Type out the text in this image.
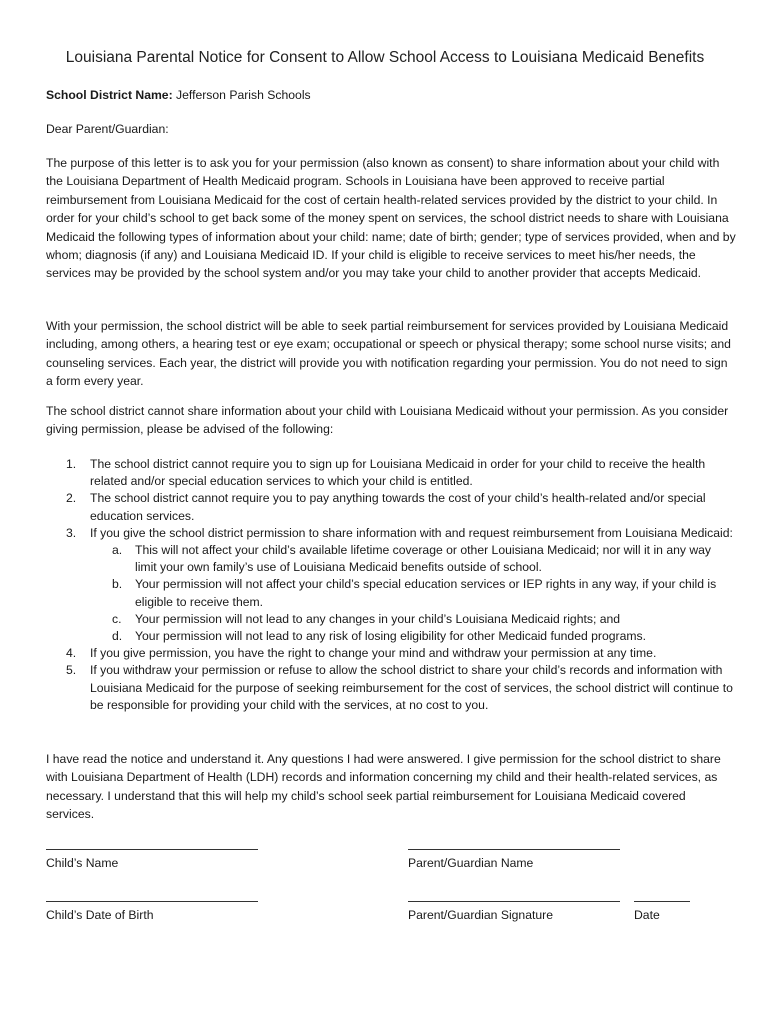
Louisiana Parental Notice for Consent to Allow School Access to Louisiana Medicaid Benefits
School District Name: Jefferson Parish Schools
Dear Parent/Guardian:

The purpose of this letter is to ask you for your permission (also known as consent) to share information about your child with the Louisiana Department of Health Medicaid program. Schools in Louisiana have been approved to receive partial reimbursement from Louisiana Medicaid for the cost of certain health-related services provided by the district to your child. In order for your child’s school to get back some of the money spent on services, the school district needs to share with Louisiana Medicaid the following types of information about your child: name; date of birth; gender; type of services provided, when and by whom; diagnosis (if any) and Louisiana Medicaid ID. If your child is eligible to receive services to meet his/her needs, the services may be provided by the school system and/or you may take your child to another provider that accepts Medicaid.

With your permission, the school district will be able to seek partial reimbursement for services provided by Louisiana Medicaid including, among others, a hearing test or eye exam; occupational or speech or physical therapy; some school nurse visits; and counseling services. Each year, the district will provide you with notification regarding your permission. You do not need to sign a form every year.

The school district cannot share information about your child with Louisiana Medicaid without your permission. As you consider giving permission, please be advised of the following:

1. The school district cannot require you to sign up for Louisiana Medicaid in order for your child to receive the health related and/or special education services to which your child is entitled.
2. The school district cannot require you to pay anything towards the cost of your child’s health-related and/or special education services.
3. If you give the school district permission to share information with and request reimbursement from Louisiana Medicaid:
a. This will not affect your child’s available lifetime coverage or other Louisiana Medicaid; nor will it in any way limit your own family’s use of Louisiana Medicaid benefits outside of school.
b. Your permission will not affect your child’s special education services or IEP rights in any way, if your child is eligible to receive them.
c. Your permission will not lead to any changes in your child’s Louisiana Medicaid rights; and
d. Your permission will not lead to any risk of losing eligibility for other Medicaid funded programs.
4. If you give permission, you have the right to change your mind and withdraw your permission at any time.
5. If you withdraw your permission or refuse to allow the school district to share your child’s records and information with Louisiana Medicaid for the purpose of seeking reimbursement for the cost of services, the school district will continue to be responsible for providing your child with the services, at no cost to you.

I have read the notice and understand it. Any questions I had were answered. I give permission for the school district to share with Louisiana Department of Health (LDH) records and information concerning my child and their health-related services, as necessary. I understand that this will help my child’s school seek partial reimbursement for Louisiana Medicaid covered services.

Child’s Name	Parent/Guardian Name
Child’s Date of Birth	Parent/Guardian Signature	Date
